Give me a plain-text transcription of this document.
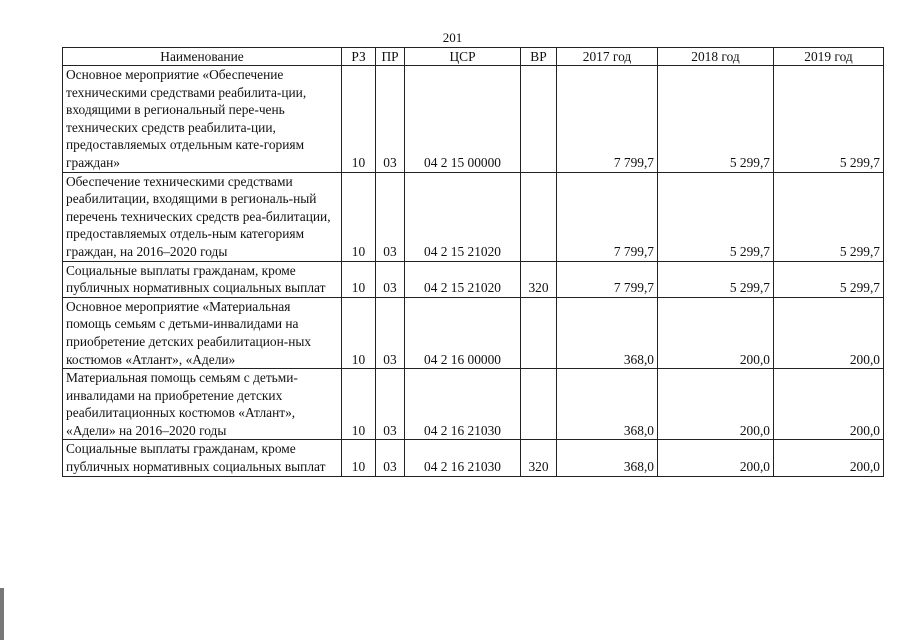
201
Наименование	РЗ	ПР	ЦСР	ВР	2017 год	2018 год	2019 год
Основное мероприятие «Обеспечение техническими средствами реабилита-ции, входящими в региональный пере-чень технических средств реабилита-ции, предоставляемых отдельным кате-гориям граждан»	10	03	04 2 15 00000		7 799,7	5 299,7	5 299,7
Обеспечение техническими средствами реабилитации, входящими в региональ-ный перечень технических средств реа-билитации, предоставляемых отдель-ным категориям граждан, на 2016–2020 годы	10	03	04 2 15 21020		7 799,7	5 299,7	5 299,7
Социальные выплаты гражданам, кроме публичных нормативных социальных выплат	10	03	04 2 15 21020	320	7 799,7	5 299,7	5 299,7
Основное мероприятие «Материальная помощь семьям с детьми-инвалидами на приобретение детских реабилитацион-ных костюмов «Атлант», «Адели»	10	03	04 2 16 00000		368,0	200,0	200,0
Материальная помощь семьям с детьми-инвалидами на приобретение детских реабилитационных костюмов «Атлант», «Адели» на 2016–2020 годы	10	03	04 2 16 21030		368,0	200,0	200,0
Социальные выплаты гражданам, кроме публичных нормативных социальных выплат	10	03	04 2 16 21030	320	368,0	200,0	200,0
